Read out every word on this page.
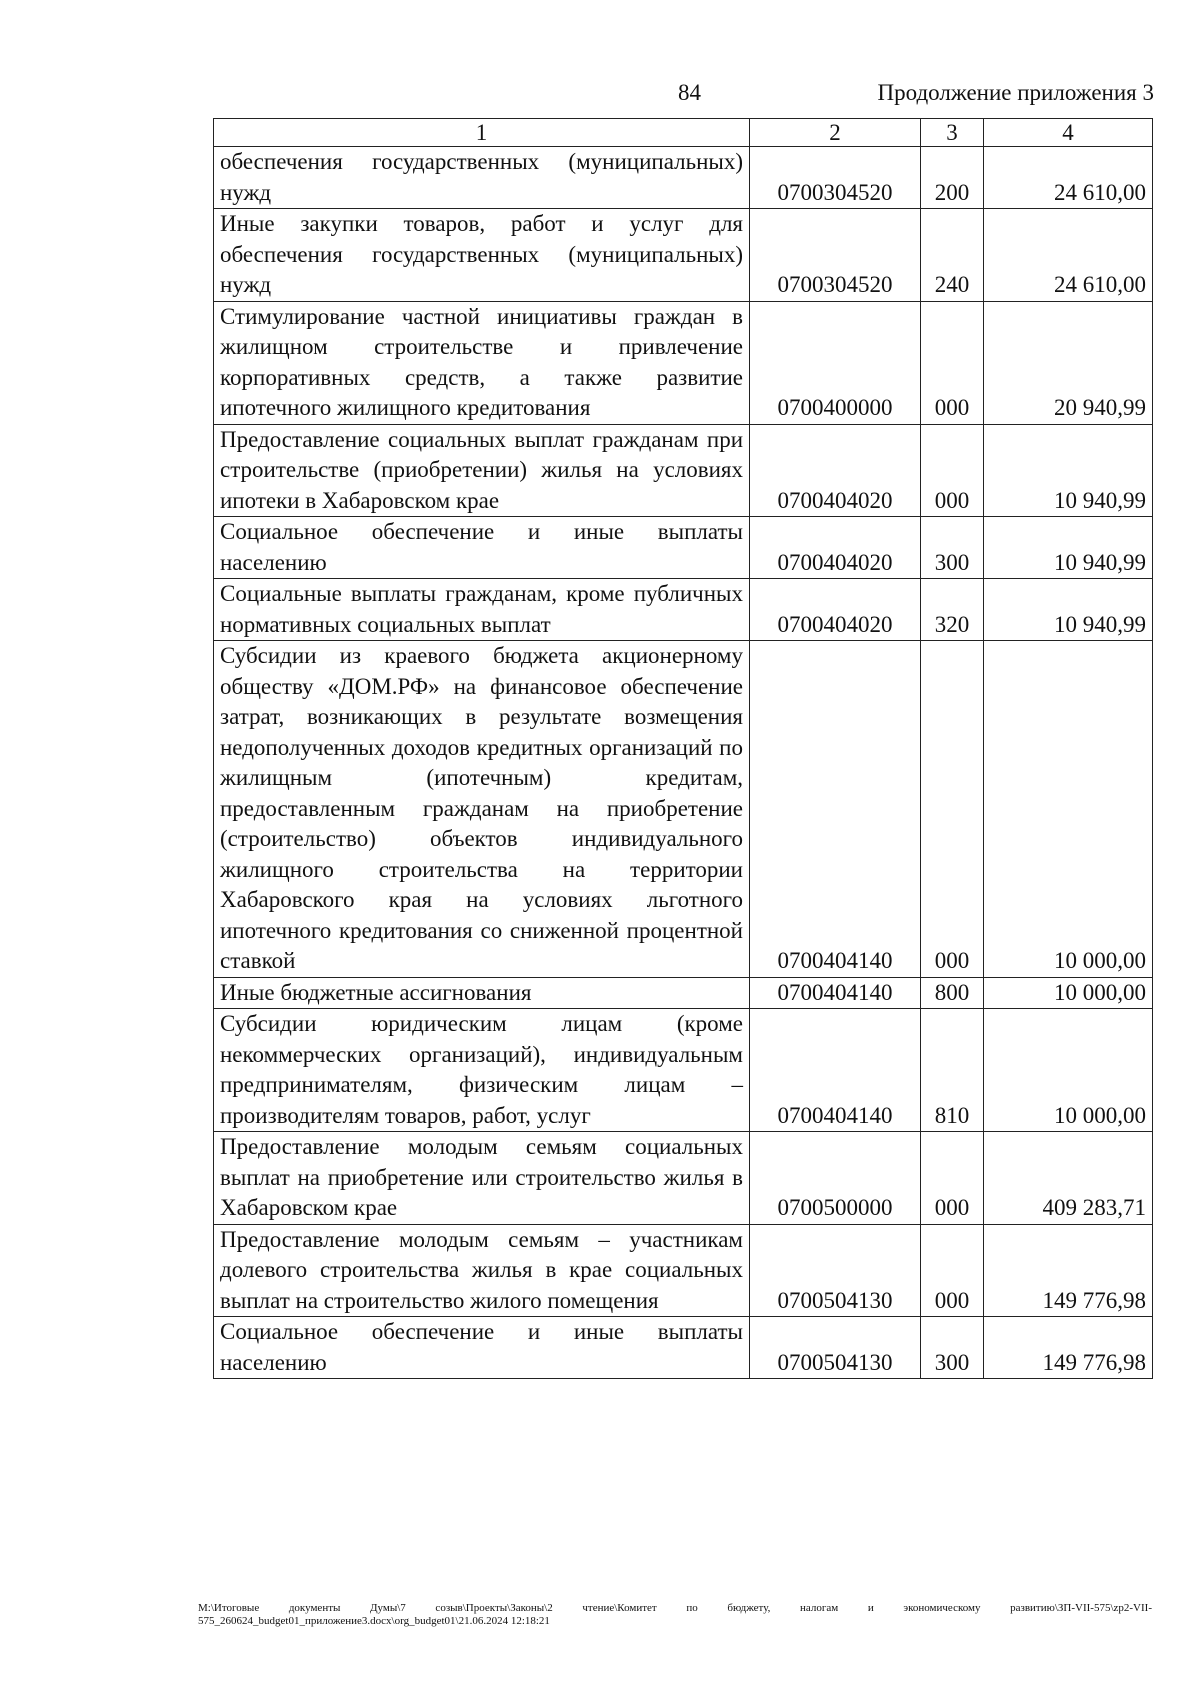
84	Продолжение приложения 3
1	2	3	4
обеспечения государственных (муниципальных) нужд	0700304520	200	24 610,00
Иные закупки товаров, работ и услуг для обеспечения государственных (муниципальных) нужд	0700304520	240	24 610,00
Стимулирование частной инициативы граждан в жилищном строительстве и привлечение корпоративных средств, а также развитие ипотечного жилищного кредитования	0700400000	000	20 940,99
Предоставление социальных выплат гражданам при строительстве (приобретении) жилья на условиях ипотеки в Хабаровском крае	0700404020	000	10 940,99
Социальное обеспечение и иные выплаты населению	0700404020	300	10 940,99
Социальные выплаты гражданам, кроме публичных нормативных социальных выплат	0700404020	320	10 940,99
Субсидии из краевого бюджета акционерному обществу «ДОМ.РФ» на финансовое обеспечение затрат, возникающих в результате возмещения недополученных доходов кредитных организаций по жилищным (ипотечным) кредитам, предоставленным гражданам на приобретение (строительство) объектов индивидуального жилищного строительства на территории Хабаровского края на условиях льготного ипотечного кредитования со сниженной процентной ставкой	0700404140	000	10 000,00
Иные бюджетные ассигнования	0700404140	800	10 000,00
Субсидии юридическим лицам (кроме некоммерческих организаций), индивидуальным предпринимателям, физическим лицам – производителям товаров, работ, услуг	0700404140	810	10 000,00
Предоставление молодым семьям социальных выплат на приобретение или строительство жилья в Хабаровском крае	0700500000	000	409 283,71
Предоставление молодым семьям – участникам долевого строительства жилья в крае социальных выплат на строительство жилого помещения	0700504130	000	149 776,98
Социальное обеспечение и иные выплаты населению	0700504130	300	149 776,98
M:\Итоговые документы Думы\7 созыв\Проекты\Законы\2 чтение\Комитет по бюджету, налогам и экономическому развитию\ЗП-VII-575\zp2-VII-575_260624_budget01_приложение3.docx\org_budget01\21.06.2024 12:18:21
